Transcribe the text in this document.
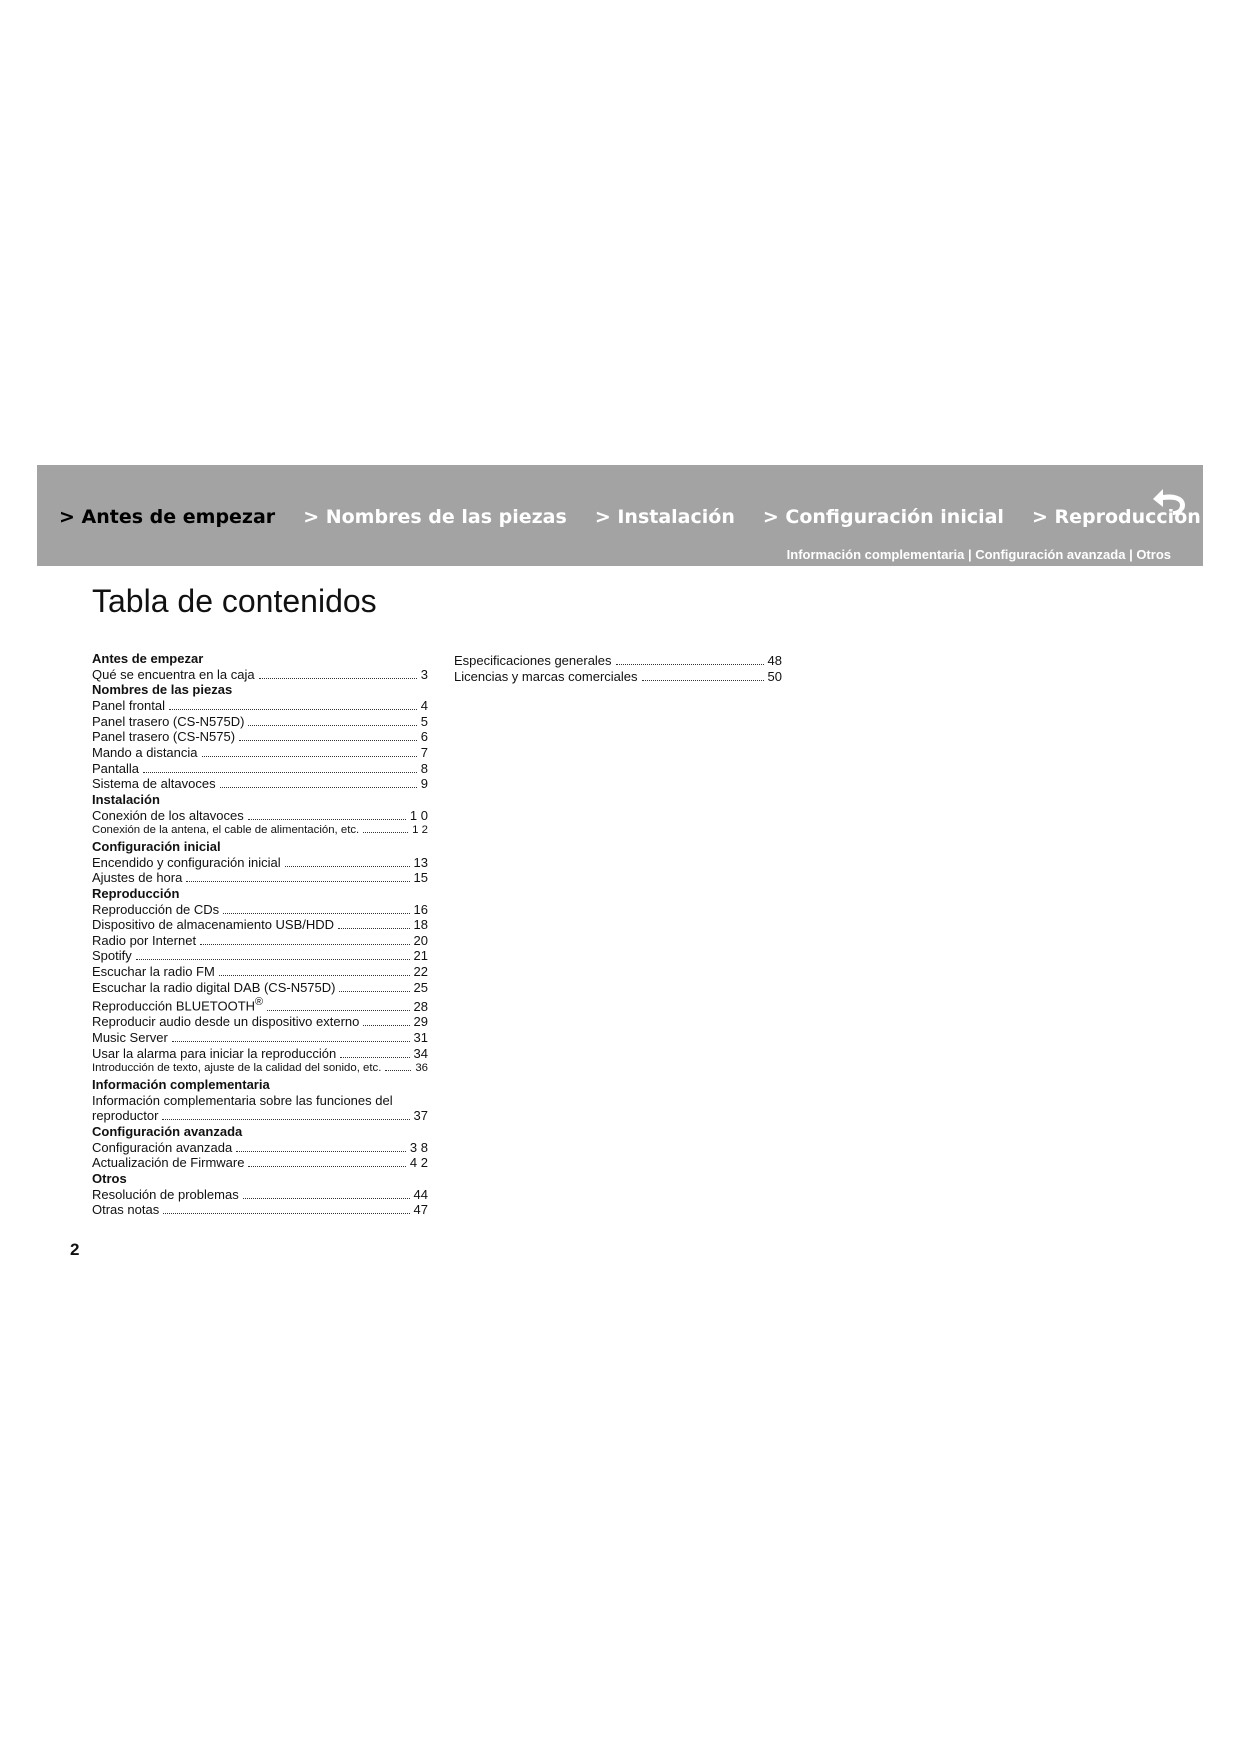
> Antes de empezar > Nombres de las piezas > Instalación > Configuración inicial > Reproducción
Información complementaria | Configuración avanzada | Otros
Tabla de contenidos
Antes de empezar
Qué se encuentra en la caja	3
Nombres de las piezas
Panel frontal	4
Panel trasero (CS-N575D)	5
Panel trasero (CS-N575)	6
Mando a distancia	7
Pantalla	8
Sistema de altavoces	9
Instalación
Conexión de los altavoces	1 0
Conexión de la antena, el cable de alimentación, etc.	1 2
Configuración inicial
Encendido y configuración inicial	13
Ajustes de hora	15
Reproducción
Reproducción de CDs	16
Dispositivo de almacenamiento USB/HDD	18
Radio por Internet	20
Spotify	21
Escuchar la radio FM	22
Escuchar la radio digital DAB (CS-N575D)	25
Reproducción BLUETOOTH®	28
Reproducir audio desde un dispositivo externo	29
Music Server	31
Usar la alarma para iniciar la reproducción	34
Introducción de texto, ajuste de la calidad del sonido, etc.	36
Información complementaria
Información complementaria sobre las funciones del
reproductor	37
Configuración avanzada
Configuración avanzada	3 8
Actualización de Firmware	4 2
Otros
Resolución de problemas	44
Otras notas	47
Especificaciones generales	48
Licencias y marcas comerciales	50
2
